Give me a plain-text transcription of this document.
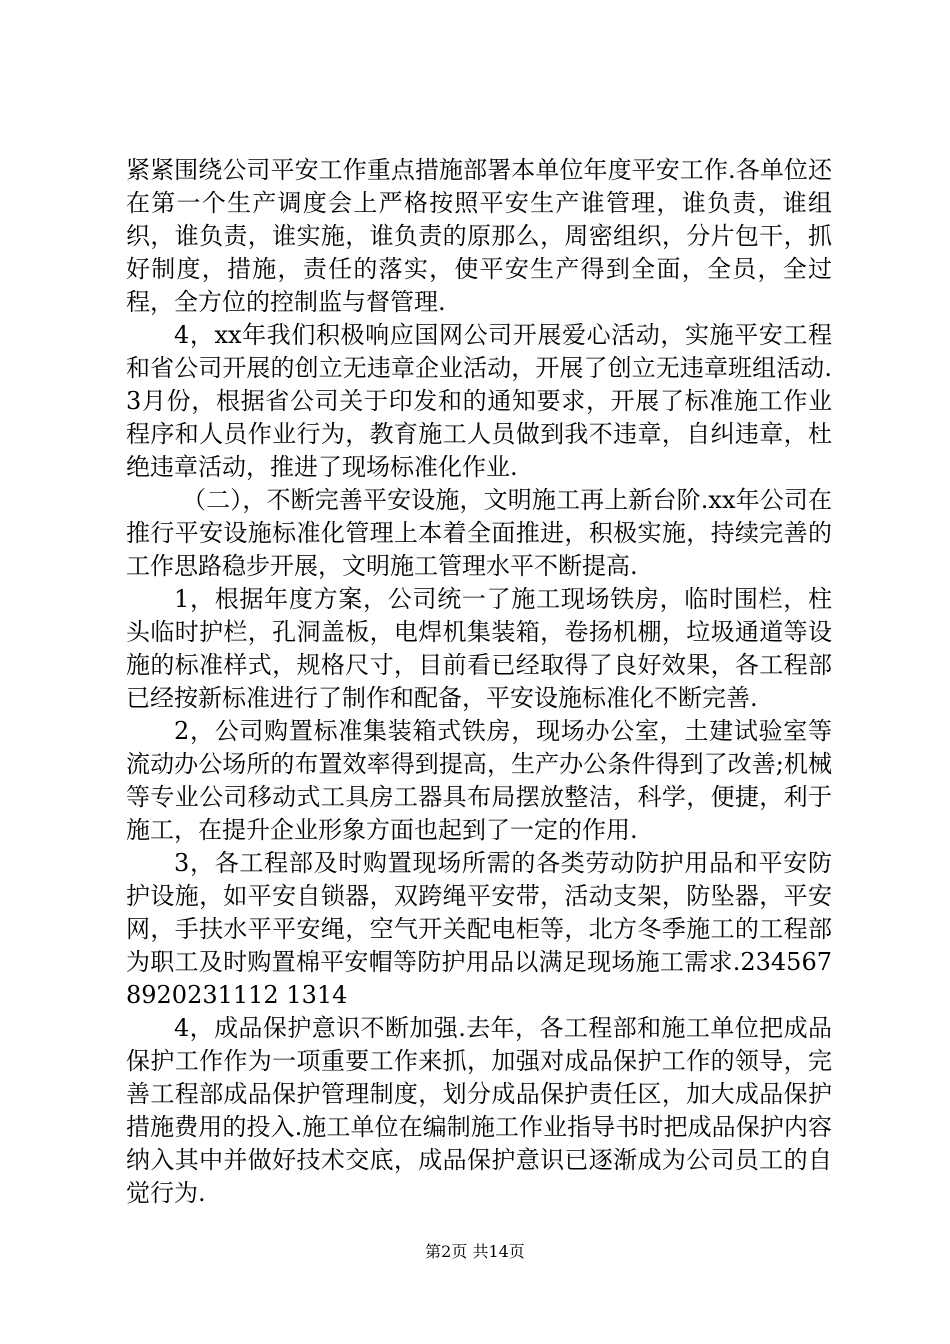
紧紧围绕公司平安工作重点措施部署本单位年度平安工作.各单位还在第一个生产调度会上严格按照平安生产谁管理，谁负责，谁组织，谁负责，谁实施，谁负责的原那么，周密组织，分片包干，抓好制度，措施，责任的落实，使平安生产得到全面，全员，全过程，全方位的控制监与督管理.

4，xx年我们积极响应国网公司开展爱心活动，实施平安工程和省公司开展的创立无违章企业活动，开展了创立无违章班组活动.3月份，根据省公司关于印发和的通知要求，开展了标准施工作业程序和人员作业行为，教育施工人员做到我不违章，自纠违章，杜绝违章活动，推进了现场标准化作业.

（二），不断完善平安设施，文明施工再上新台阶.xx年公司在推行平安设施标准化管理上本着全面推进，积极实施，持续完善的工作思路稳步开展，文明施工管理水平不断提高.

1，根据年度方案，公司统一了施工现场铁房，临时围栏，柱头临时护栏，孔洞盖板，电焊机集装箱，卷扬机棚，垃圾通道等设施的标准样式，规格尺寸，目前看已经取得了良好效果，各工程部已经按新标准进行了制作和配备，平安设施标准化不断完善.

2，公司购置标准集装箱式铁房，现场办公室，土建试验室等流动办公场所的布置效率得到提高，生产办公条件得到了改善;机械等专业公司移动式工具房工器具布局摆放整洁，科学，便捷，利于施工，在提升企业形象方面也起到了一定的作用.

3，各工程部及时购置现场所需的各类劳动防护用品和平安防护设施，如平安自锁器，双跨绳平安带，活动支架，防坠器，平安网，手扶水平平安绳，空气开关配电柜等，北方冬季施工的工程部为职工及时购置棉平安帽等防护用品以满足现场施工需求.2345678920231112 1314

4，成品保护意识不断加强.去年，各工程部和施工单位把成品保护工作作为一项重要工作来抓，加强对成品保护工作的领导，完善工程部成品保护管理制度，划分成品保护责任区，加大成品保护措施费用的投入.施工单位在编制施工作业指导书时把成品保护内容纳入其中并做好技术交底，成品保护意识已逐渐成为公司员工的自觉行为.

第2页 共14页
